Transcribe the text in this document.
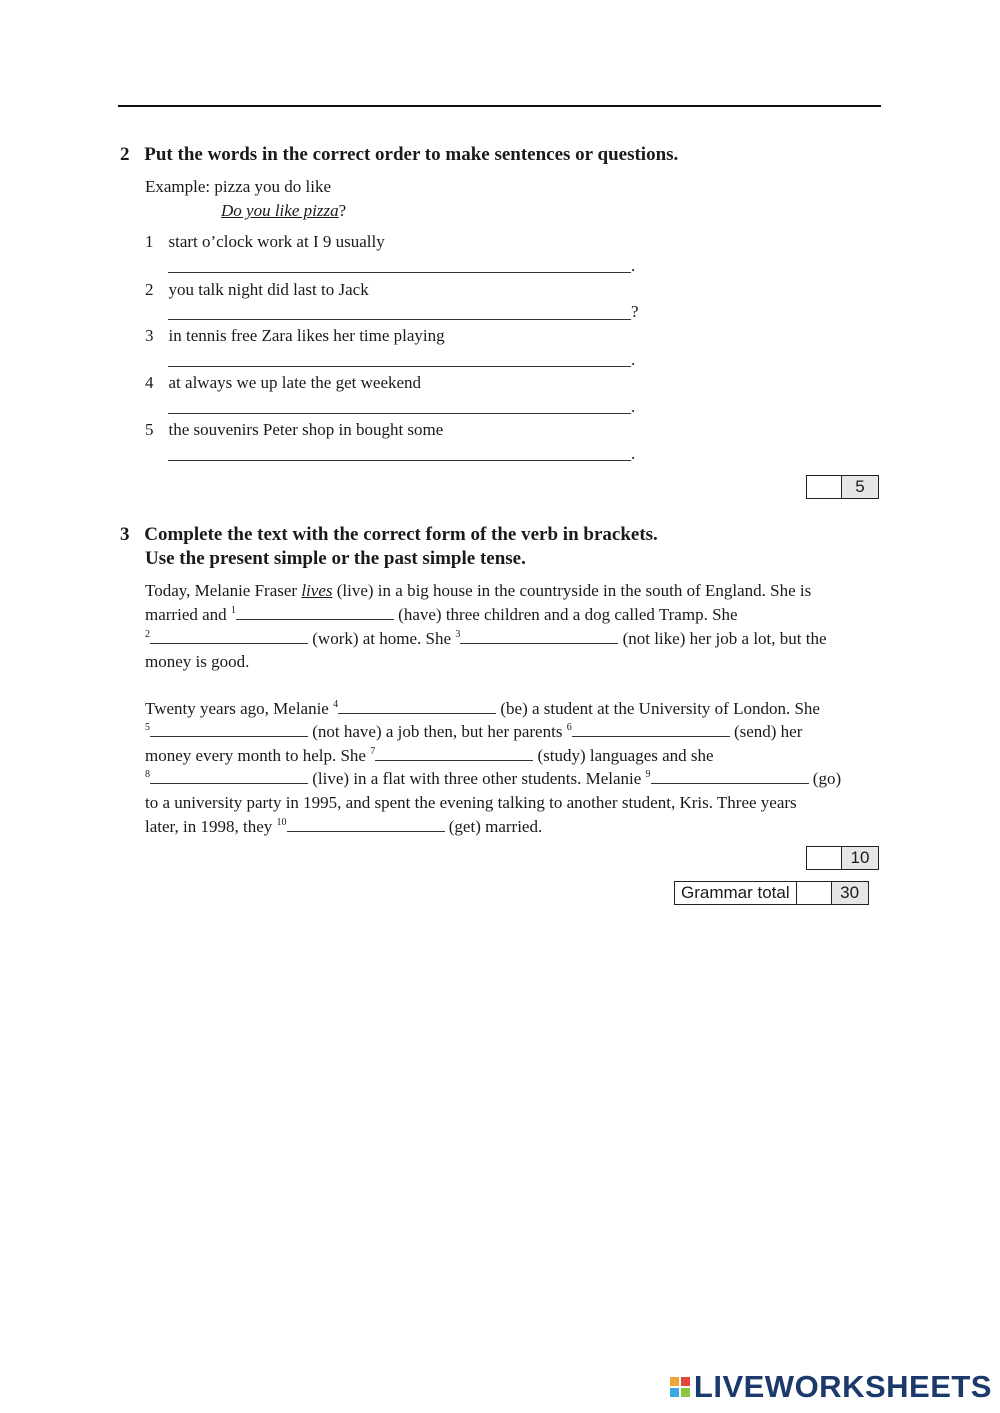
2 Put the words in the correct order to make sentences or questions.
Example: pizza you do like
Do you like pizza?
1 start o’clock work at I 9 usually
.
2 you talk night did last to Jack
?
3 in tennis free Zara likes her time playing
.
4 at always we up late the get weekend
.
5 the souvenirs Peter shop in bought some
.
5
3 Complete the text with the correct form of the verb in brackets.
Use the present simple or the past simple tense.
Today, Melanie Fraser lives (live) in a big house in the countryside in the south of England. She is
married and $^1$	(have) three children and a dog called Tramp. She
$^2$	(work) at home. She $^3$	(not like) her job a lot, but the
money is good.
Twenty years ago, Melanie $^4$	(be) a student at the University of London. She
$^5$	(not have) a job then, but her parents $^6$	(send) her
money every month to help. She $^7$	(study) languages and she
$^8$	(live) in a flat with three other students. Melanie $^9$	(go)
to a university party in 1995, and spent the evening talking to another student, Kris. Three years
later, in 1998, they $^{10}$	(get) married.
10
Grammar total	30
LIVEWORKSHEETS
